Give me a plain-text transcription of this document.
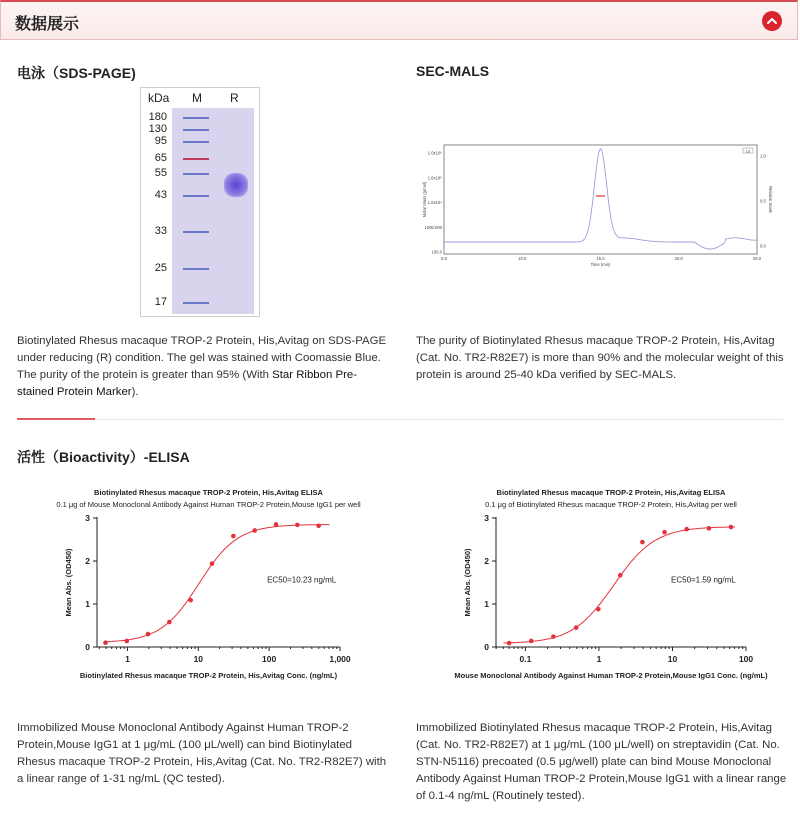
数据展示
电泳（SDS-PAGE)
kDa M R
180
130
95
65
55
43
33
25
17
Biotinylated Rhesus macaque TROP-2 Protein, His,Avitag on SDS-PAGE under reducing (R) condition. The gel was stained with Coomassie Blue. The purity of the protein is greater than 95% (With Star Ribbon Pre-stained Protein Marker).
SEC-MALS
LS
100.0
1000.000
1.0x10⁴
1.0x10⁵
1.0x10⁶
0.0
0.5
1.0
5.0	10.0	15.0	20.0	25.0
Time (min)
Molar Mass (g/mol)	Relative Scale
The purity of Biotinylated Rhesus macaque TROP-2 Protein, His,Avitag (Cat. No. TR2-R82E7) is more than 90% and the molecular weight of this protein is around 25-40 kDa verified by SEC-MALS.
活性（Bioactivity）-ELISA
Biotinylated Rhesus macaque TROP-2 Protein, His,Avitag ELISA
0.1 μg of Mouse Monoclonal Antibody Against Human TROP-2 Protein,Mouse IgG1 per well
0
1
2
3
1	10	100	1,000
Biotinylated Rhesus macaque TROP-2 Protein, His,Avitag Conc. (ng/mL)
Mean Abs. (OD450)	EC50=10.23 ng/mL
Biotinylated Rhesus macaque TROP-2 Protein, His,Avitag ELISA
0.1 μg of Biotinylated Rhesus macaque TROP-2 Protein, His,Avitag per well
0
1
2
3
0.1	1	10	100
Mouse Monoclonal Antibody Against Human TROP-2 Protein,Mouse IgG1 Conc. (ng/mL)
Mean Abs. (OD450)	EC50=1.59 ng/mL
Immobilized Mouse Monoclonal Antibody Against Human TROP-2 Protein,Mouse IgG1 at 1 μg/mL (100 μL/well) can bind Biotinylated Rhesus macaque TROP-2 Protein, His,Avitag (Cat. No. TR2-R82E7) with a linear range of 1-31 ng/mL (QC tested).
Immobilized Biotinylated Rhesus macaque TROP-2 Protein, His,Avitag (Cat. No. TR2-R82E7) at 1 μg/mL (100 μL/well) on streptavidin (Cat. No. STN-N5116) precoated (0.5 μg/well) plate can bind Mouse Monoclonal Antibody Against Human TROP-2 Protein,Mouse IgG1 with a linear range of 0.1-4 ng/mL (Routinely tested).
